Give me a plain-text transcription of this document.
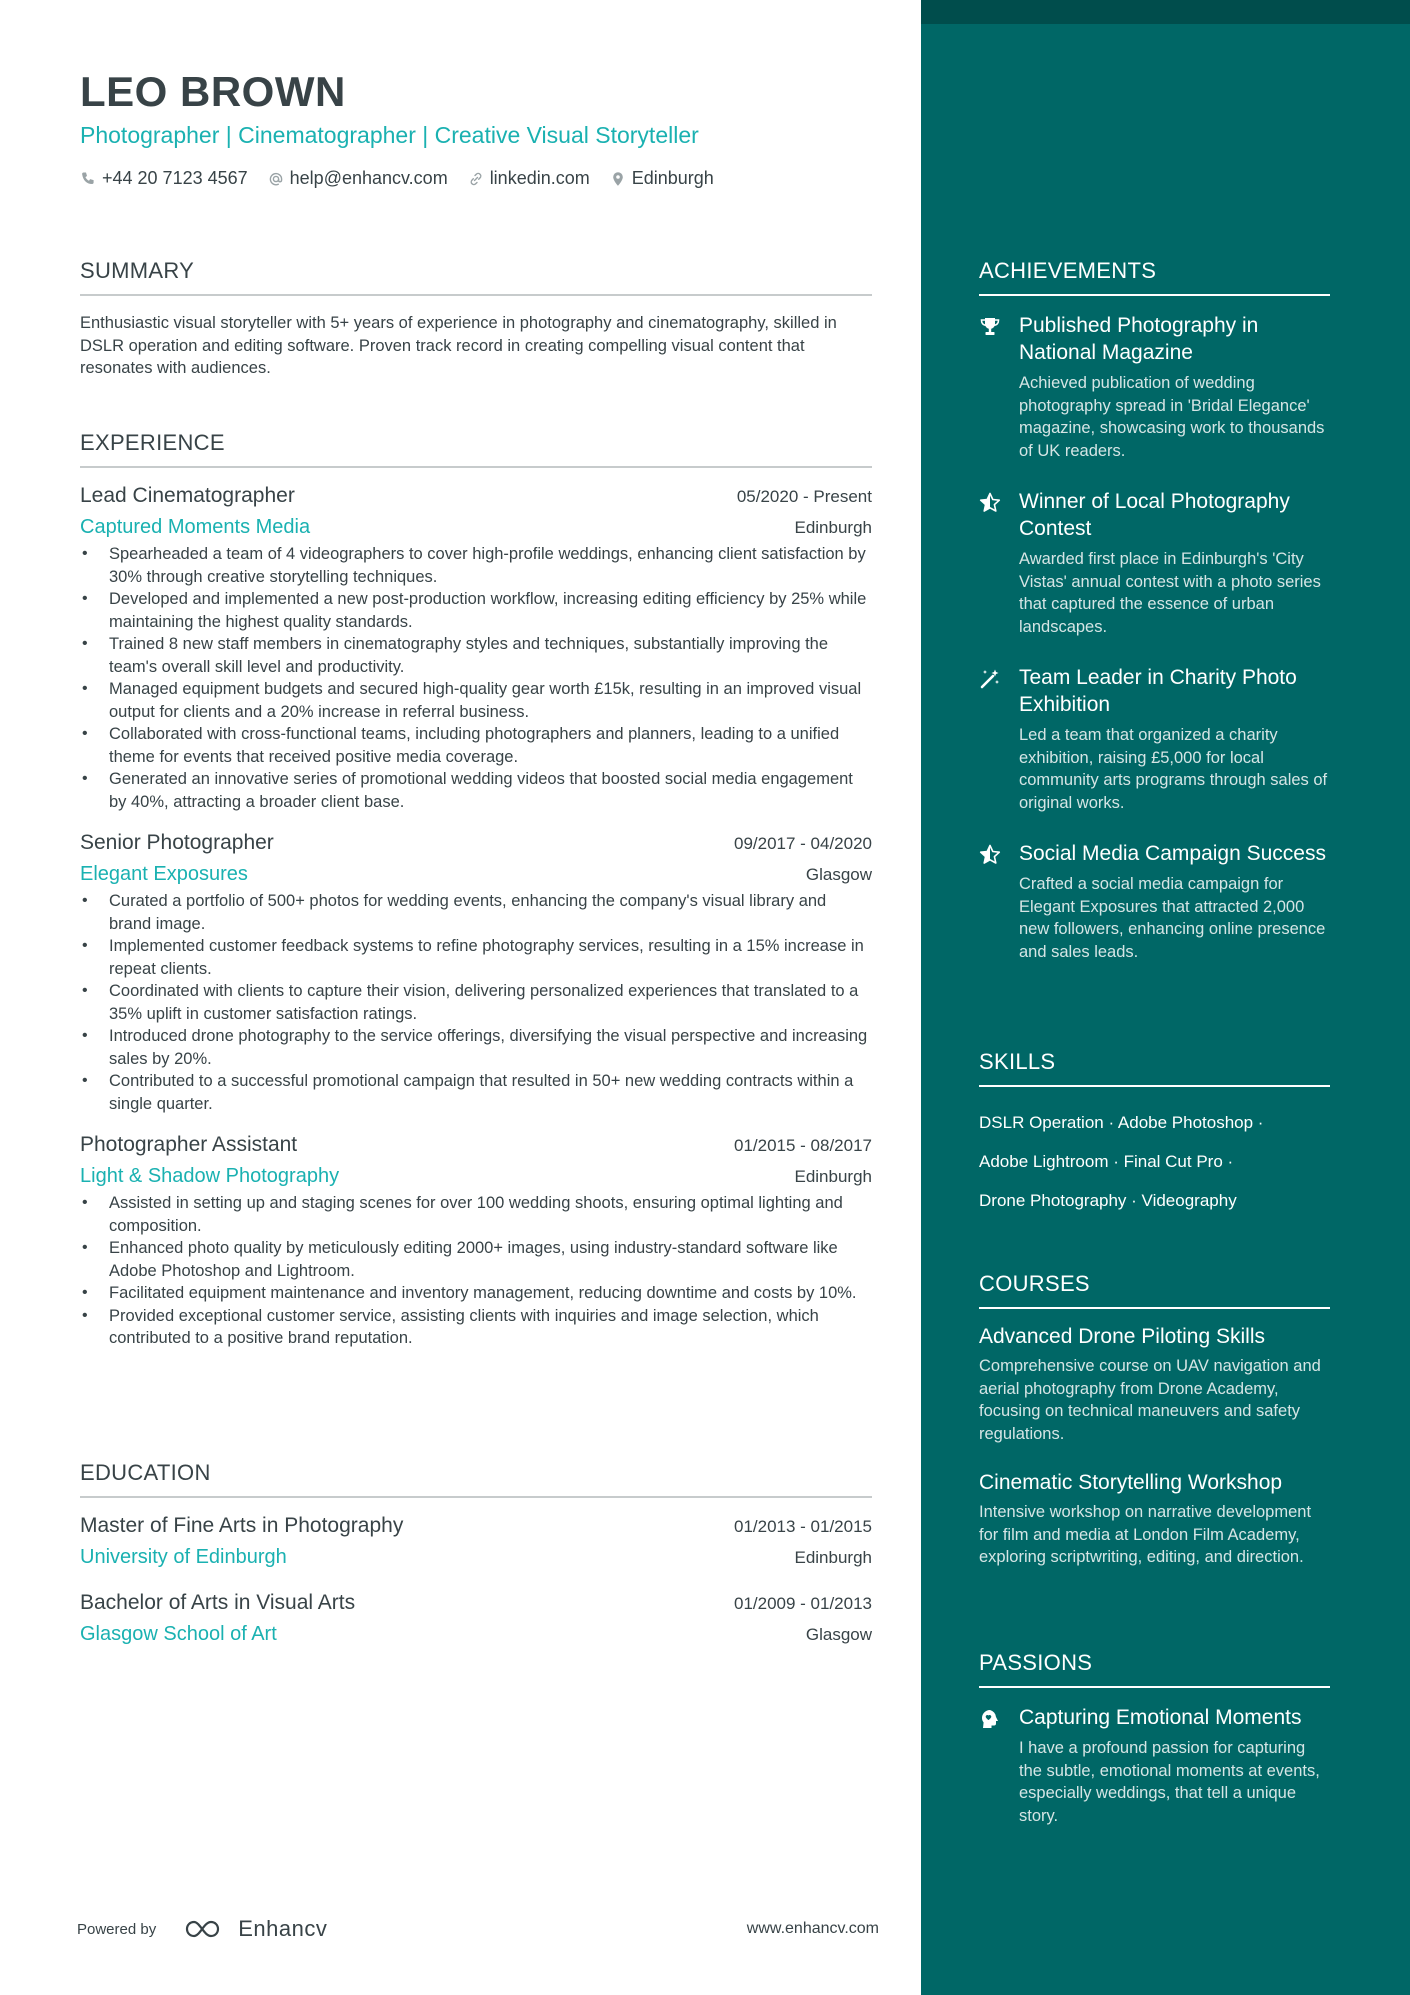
LEO BROWN
Photographer | Cinematographer | Creative Visual Storyteller
+44 20 7123 4567 help@enhancv.com linkedin.com Edinburgh
SUMMARY
Enthusiastic visual storyteller with 5+ years of experience in photography and cinematography, skilled in DSLR operation and editing software. Proven track record in creating compelling visual content that resonates with audiences.
EXPERIENCE
Lead Cinematographer	05/2020 - Present
Captured Moments Media	Edinburgh
• Spearheaded a team of 4 videographers to cover high-profile weddings, enhancing client satisfaction by 30% through creative storytelling techniques.
• Developed and implemented a new post-production workflow, increasing editing efficiency by 25% while maintaining the highest quality standards.
• Trained 8 new staff members in cinematography styles and techniques, substantially improving the team's overall skill level and productivity.
• Managed equipment budgets and secured high-quality gear worth £15k, resulting in an improved visual output for clients and a 20% increase in referral business.
• Collaborated with cross-functional teams, including photographers and planners, leading to a unified theme for events that received positive media coverage.
• Generated an innovative series of promotional wedding videos that boosted social media engagement by 40%, attracting a broader client base.
Senior Photographer	09/2017 - 04/2020
Elegant Exposures	Glasgow
• Curated a portfolio of 500+ photos for wedding events, enhancing the company's visual library and brand image.
• Implemented customer feedback systems to refine photography services, resulting in a 15% increase in repeat clients.
• Coordinated with clients to capture their vision, delivering personalized experiences that translated to a 35% uplift in customer satisfaction ratings.
• Introduced drone photography to the service offerings, diversifying the visual perspective and increasing sales by 20%.
• Contributed to a successful promotional campaign that resulted in 50+ new wedding contracts within a single quarter.
Photographer Assistant	01/2015 - 08/2017
Light & Shadow Photography	Edinburgh
• Assisted in setting up and staging scenes for over 100 wedding shoots, ensuring optimal lighting and composition.
• Enhanced photo quality by meticulously editing 2000+ images, using industry-standard software like Adobe Photoshop and Lightroom.
• Facilitated equipment maintenance and inventory management, reducing downtime and costs by 10%.
• Provided exceptional customer service, assisting clients with inquiries and image selection, which contributed to a positive brand reputation.
EDUCATION
Master of Fine Arts in Photography	01/2013 - 01/2015
University of Edinburgh	Edinburgh
Bachelor of Arts in Visual Arts	01/2009 - 01/2013
Glasgow School of Art	Glasgow
Powered by	Enhancv	www.enhancv.com
ACHIEVEMENTS
Published Photography in National Magazine
Achieved publication of wedding photography spread in 'Bridal Elegance' magazine, showcasing work to thousands of UK readers.
Winner of Local Photography Contest
Awarded first place in Edinburgh's 'City Vistas' annual contest with a photo series that captured the essence of urban landscapes.
Team Leader in Charity Photo Exhibition
Led a team that organized a charity exhibition, raising £5,000 for local community arts programs through sales of original works.
Social Media Campaign Success
Crafted a social media campaign for Elegant Exposures that attracted 2,000 new followers, enhancing online presence and sales leads.
SKILLS
DSLR Operation · Adobe Photoshop ·
Adobe Lightroom · Final Cut Pro ·
Drone Photography · Videography
COURSES
Advanced Drone Piloting Skills
Comprehensive course on UAV navigation and aerial photography from Drone Academy, focusing on technical maneuvers and safety regulations.
Cinematic Storytelling Workshop
Intensive workshop on narrative development for film and media at London Film Academy, exploring scriptwriting, editing, and direction.
PASSIONS
Capturing Emotional Moments
I have a profound passion for capturing the subtle, emotional moments at events, especially weddings, that tell a unique story.
